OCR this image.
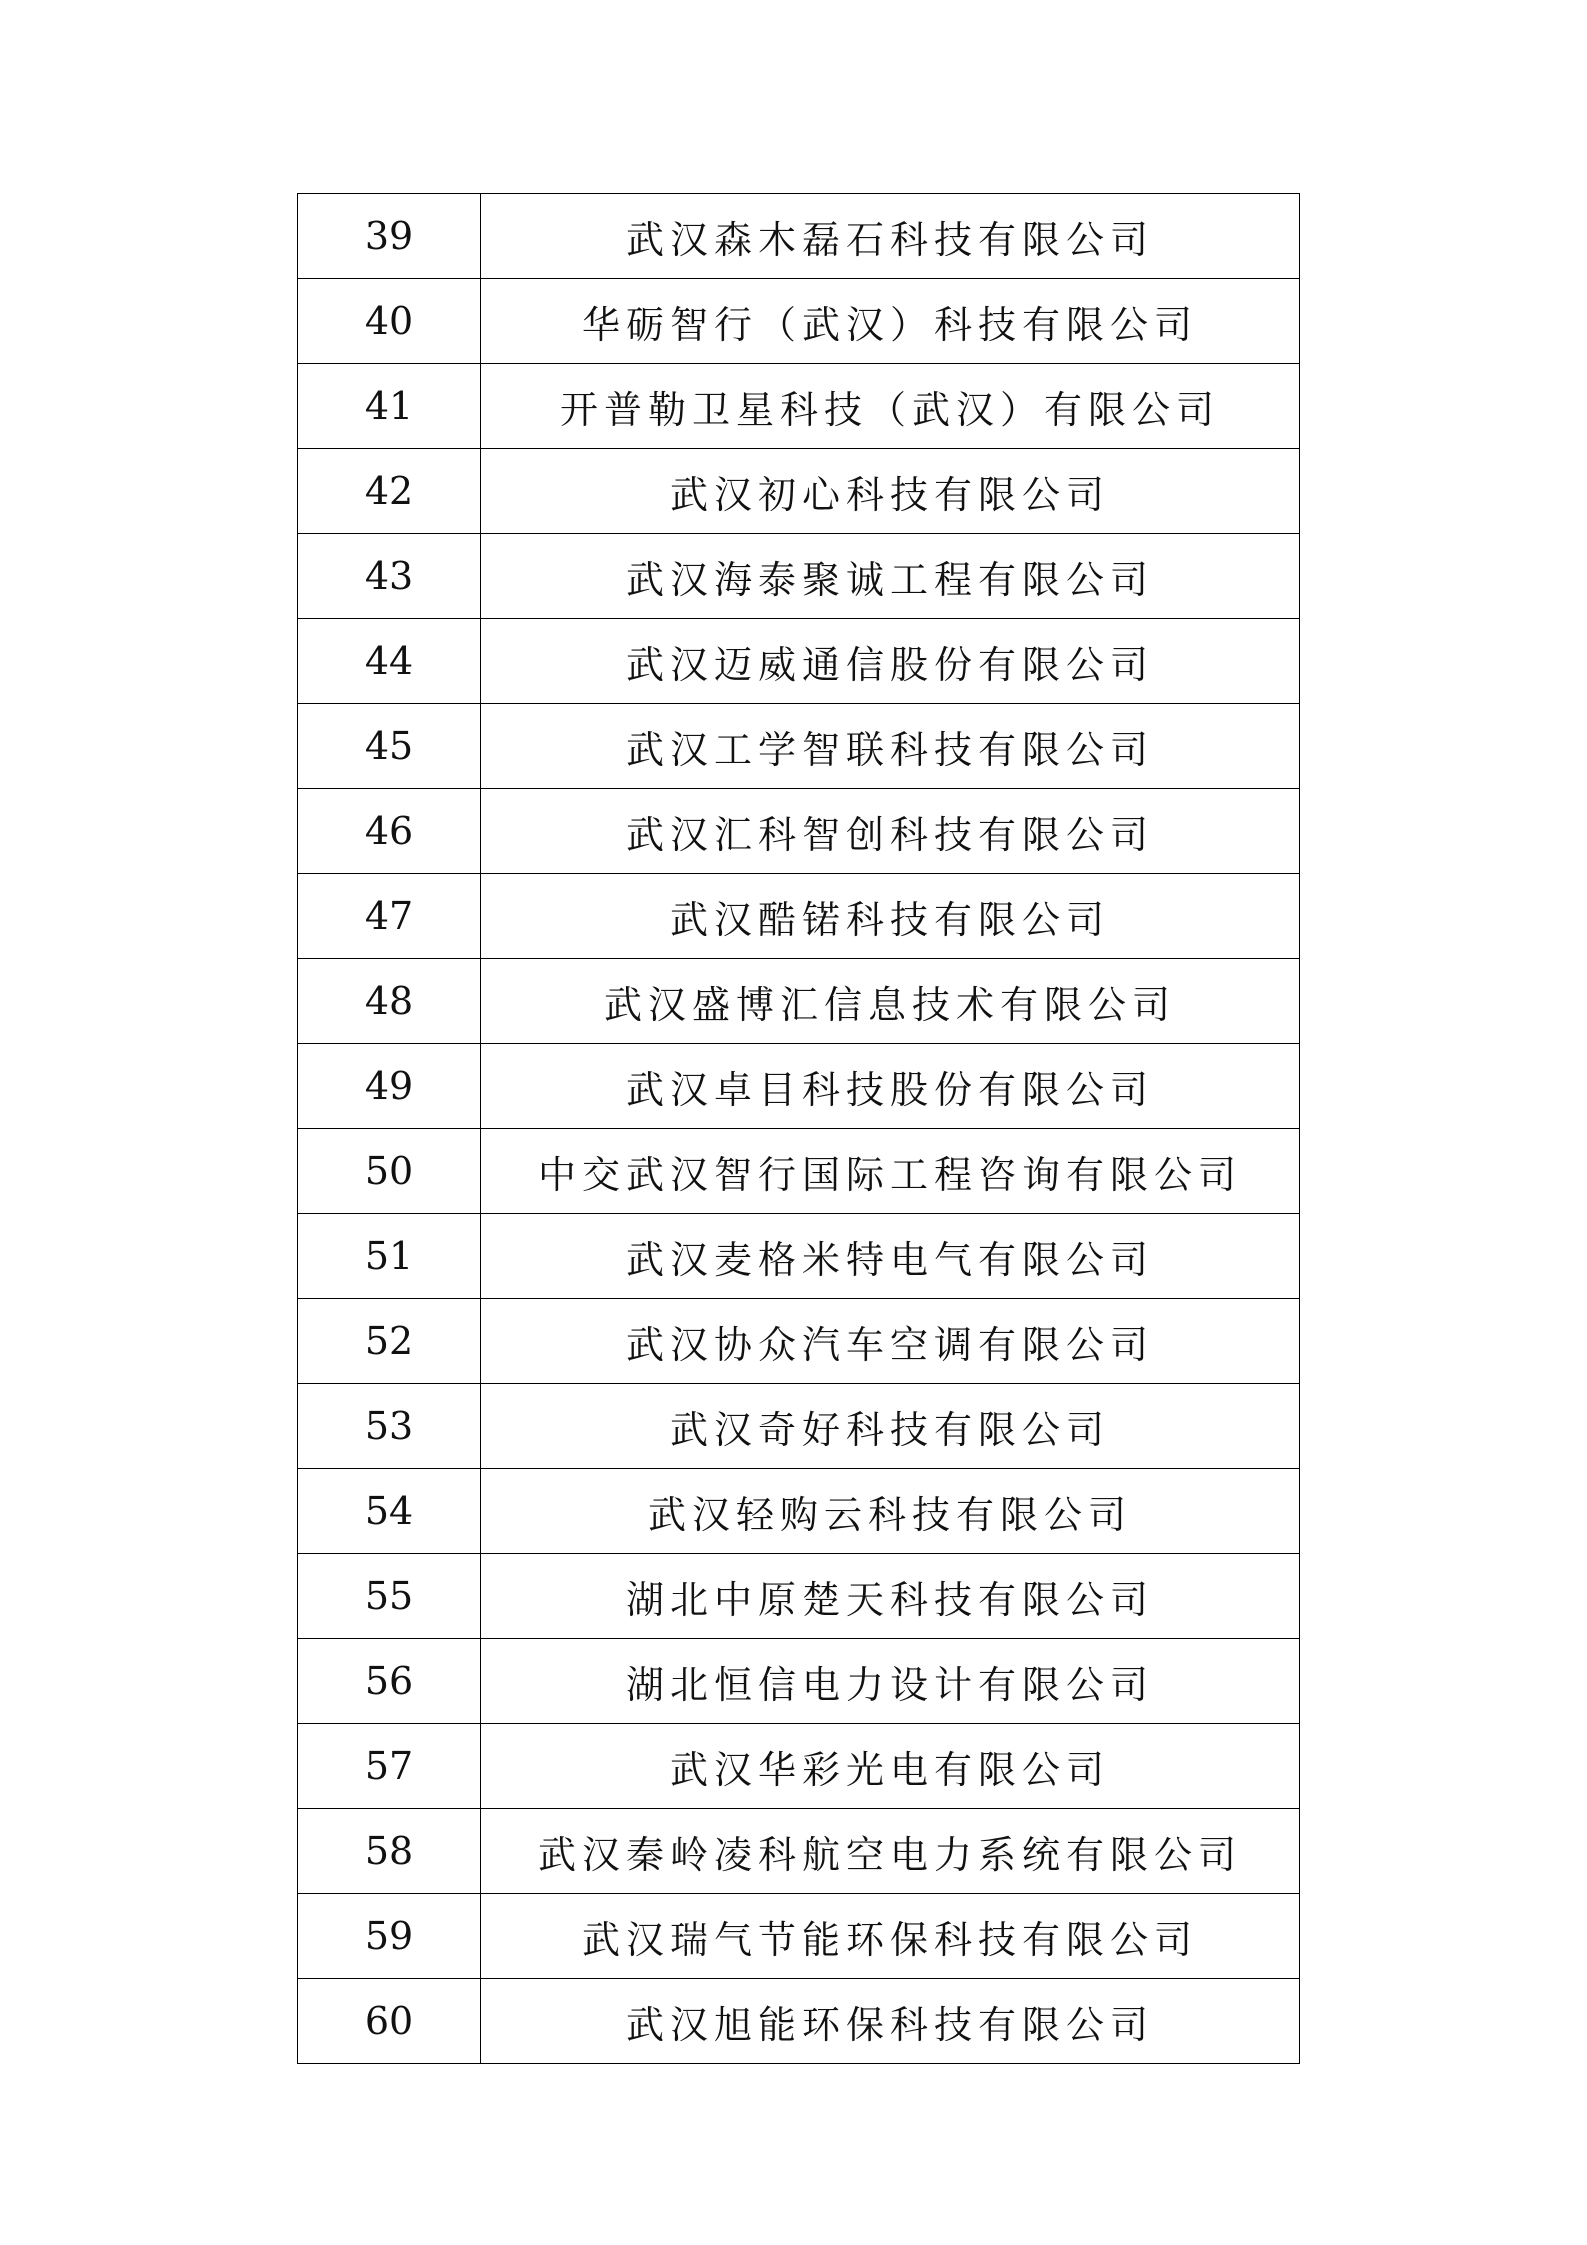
39	武汉森木磊石科技有限公司
40	华砺智行（武汉）科技有限公司
41	开普勒卫星科技（武汉）有限公司
42	武汉初心科技有限公司
43	武汉海泰聚诚工程有限公司
44	武汉迈威通信股份有限公司
45	武汉工学智联科技有限公司
46	武汉汇科智创科技有限公司
47	武汉酷锘科技有限公司
48	武汉盛博汇信息技术有限公司
49	武汉卓目科技股份有限公司
50	中交武汉智行国际工程咨询有限公司
51	武汉麦格米特电气有限公司
52	武汉协众汽车空调有限公司
53	武汉奇好科技有限公司
54	武汉轻购云科技有限公司
55	湖北中原楚天科技有限公司
56	湖北恒信电力设计有限公司
57	武汉华彩光电有限公司
58	武汉秦岭凌科航空电力系统有限公司
59	武汉瑞气节能环保科技有限公司
60	武汉旭能环保科技有限公司
